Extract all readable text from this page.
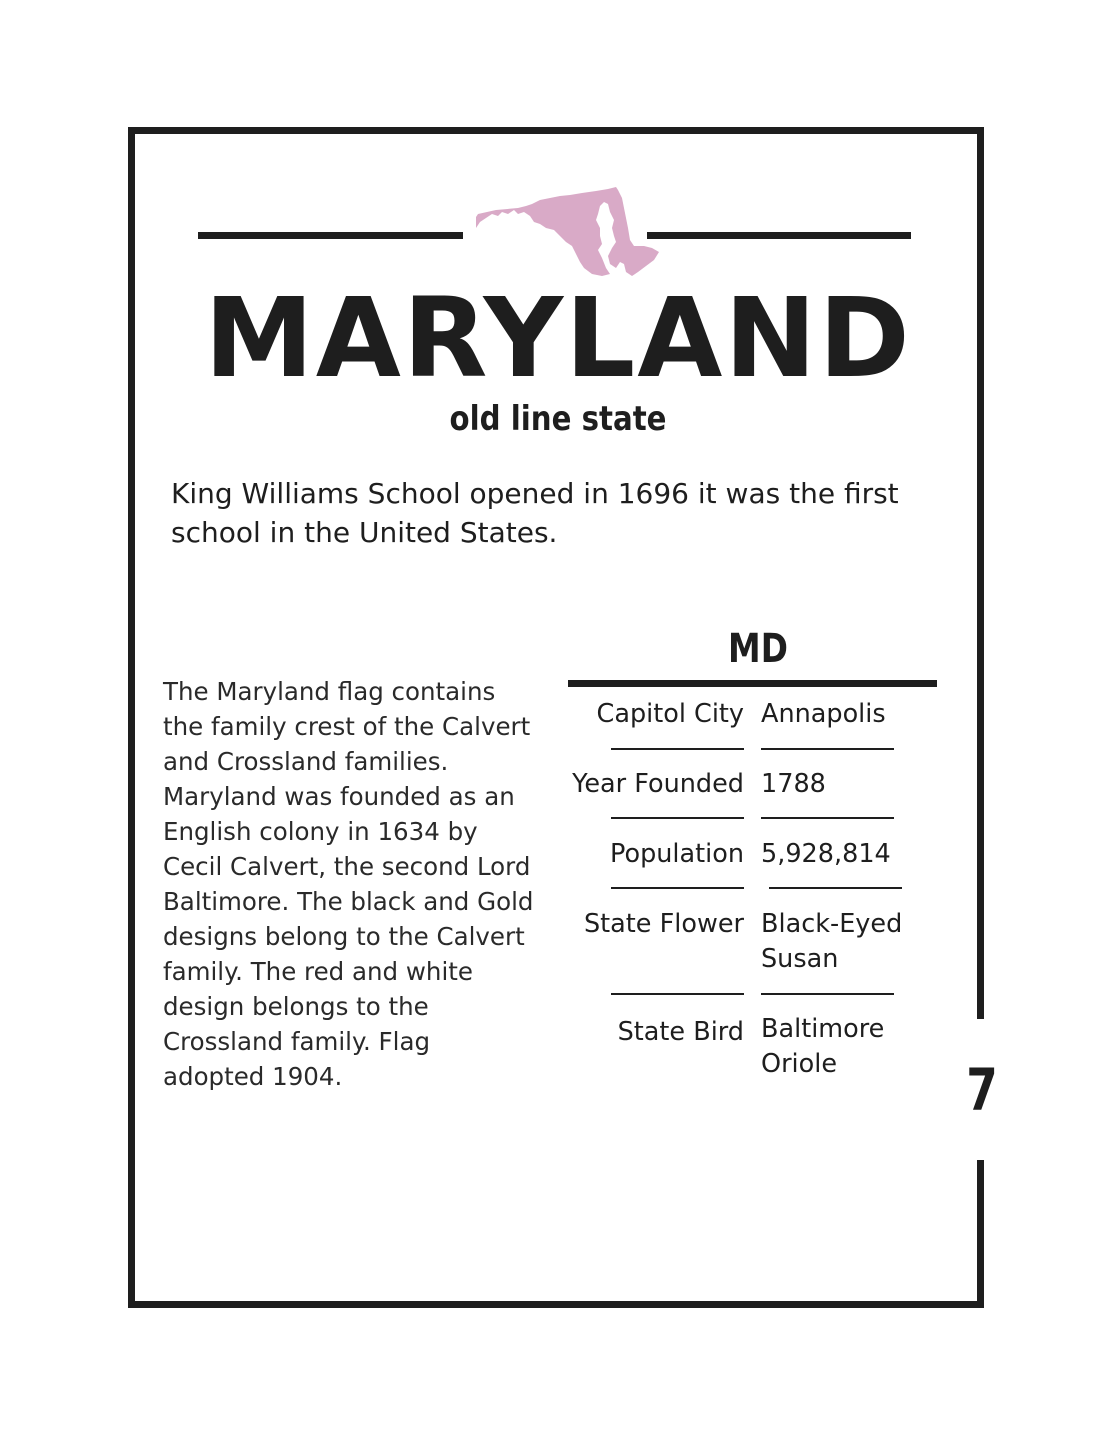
7
MARYLAND
old line state
King Williams School opened in 1696 it was the first school in the United States.
The Maryland flag contains the family crest of the Calvert and Crossland families. Maryland was founded as an English colony in 1634 by Cecil Calvert, the second Lord Baltimore. The black and Gold designs belong to the Calvert family. The red and white design belongs to the Crossland family. Flag adopted 1904.
MD
Capitol City Annapolis
Year Founded 1788
Population 5,928,814
State Flower Black-Eyed Susan
State Bird Baltimore Oriole
